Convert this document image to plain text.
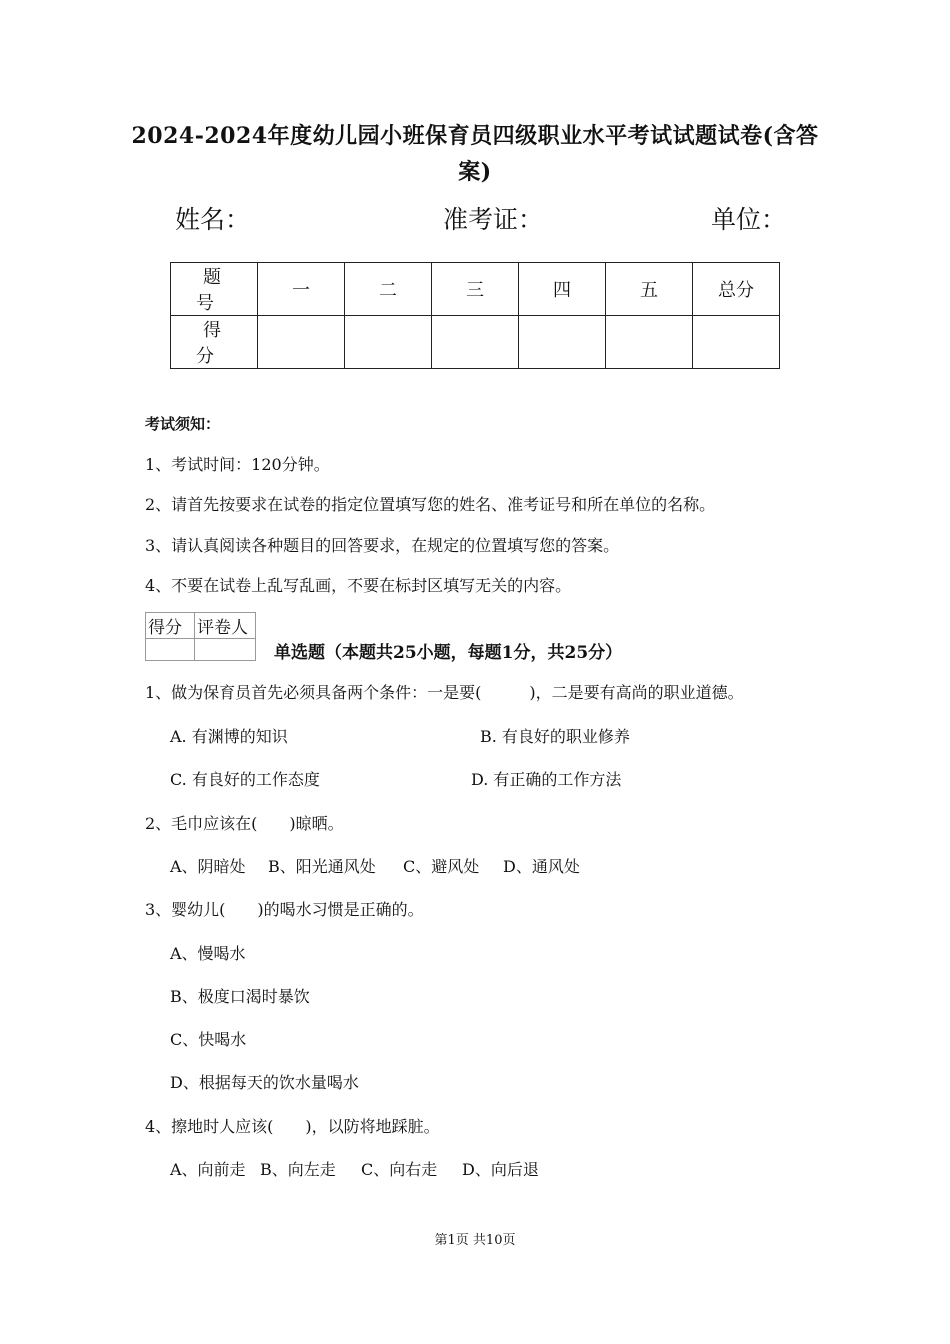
2024-2024年度幼儿园小班保育员四级职业水平考试试题试卷(含答案)
姓名：	准考证：	单位：
题　号	一	二	三	四	五	总分
得　分						
考试须知：
1、考试时间：120分钟。
2、请首先按要求在试卷的指定位置填写您的姓名、准考证号和所在单位的名称。
3、请认真阅读各种题目的回答要求，在规定的位置填写您的答案。
4、不要在试卷上乱写乱画，不要在标封区填写无关的内容。
得分	评卷人

单选题（本题共25小题，每题1分，共25分）
1、做为保育员首先必须具备两个条件：一是要(　　　)，二是要有高尚的职业道德。
A. 有渊博的知识	B. 有良好的职业修养
C. 有良好的工作态度	D. 有正确的工作方法
2、毛巾应该在(　　)晾晒。
A、阴暗处 B、阳光通风处 C、避风处 D、通风处
3、婴幼儿(　　)的喝水习惯是正确的。
A、慢喝水
B、极度口渴时暴饮
C、快喝水
D、根据每天的饮水量喝水
4、擦地时人应该(　　)，以防将地踩脏。
A、向前走 B、向左走 C、向右走 D、向后退
第1页 共10页
